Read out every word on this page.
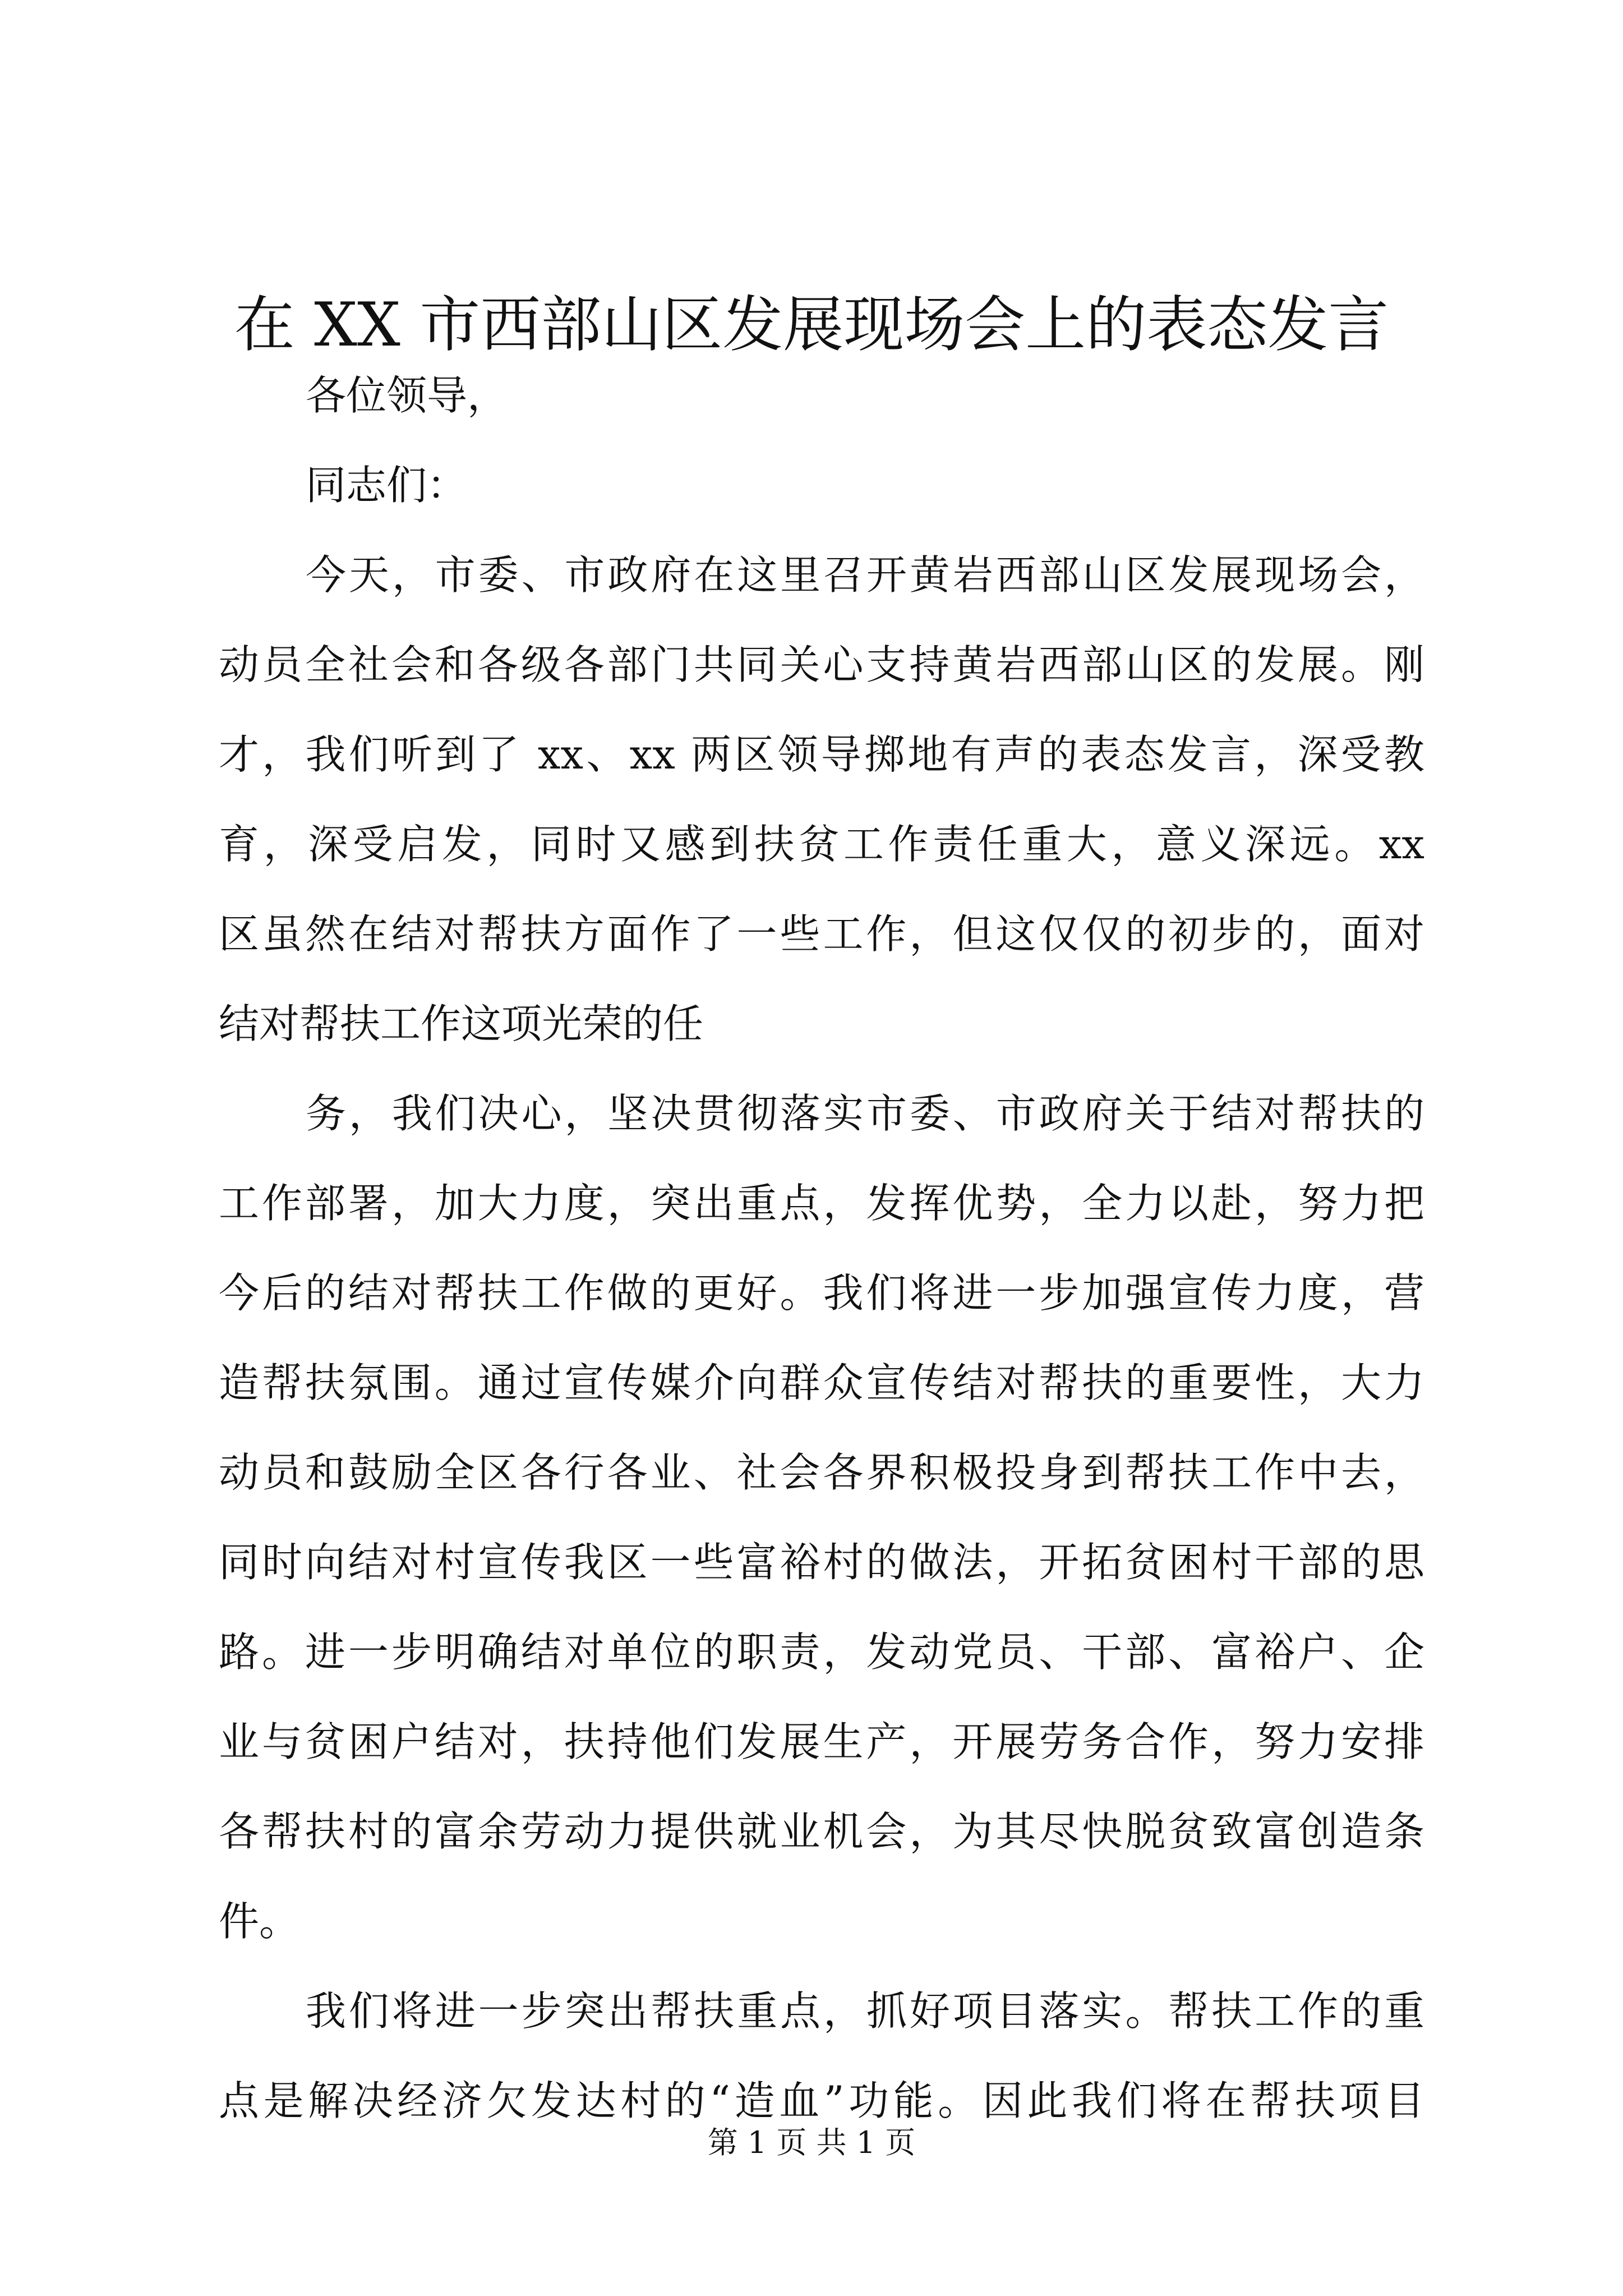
在 XX 市西部山区发展现场会上的表态发言
各位领导，
同志们：
今天，市委、市政府在这里召开黄岩西部山区发展现场会，
动员全社会和各级各部门共同关心支持黄岩西部山区的发展。刚
才，我们听到了 xx、xx 两区领导掷地有声的表态发言，深受教
育，深受启发，同时又感到扶贫工作责任重大，意义深远。xx
区虽然在结对帮扶方面作了一些工作，但这仅仅的初步的，面对
结对帮扶工作这项光荣的任
务，我们决心，坚决贯彻落实市委、市政府关于结对帮扶的
工作部署，加大力度，突出重点，发挥优势，全力以赴，努力把
今后的结对帮扶工作做的更好。我们将进一步加强宣传力度，营
造帮扶氛围。通过宣传媒介向群众宣传结对帮扶的重要性，大力
动员和鼓励全区各行各业、社会各界积极投身到帮扶工作中去，
同时向结对村宣传我区一些富裕村的做法，开拓贫困村干部的思
路。进一步明确结对单位的职责，发动党员、干部、富裕户、企
业与贫困户结对，扶持他们发展生产，开展劳务合作，努力安排
各帮扶村的富余劳动力提供就业机会，为其尽快脱贫致富创造条
件。
我们将进一步突出帮扶重点，抓好项目落实。帮扶工作的重
点是解决经济欠发达村的“造血”功能。因此我们将在帮扶项目
第 1 页 共 1 页
